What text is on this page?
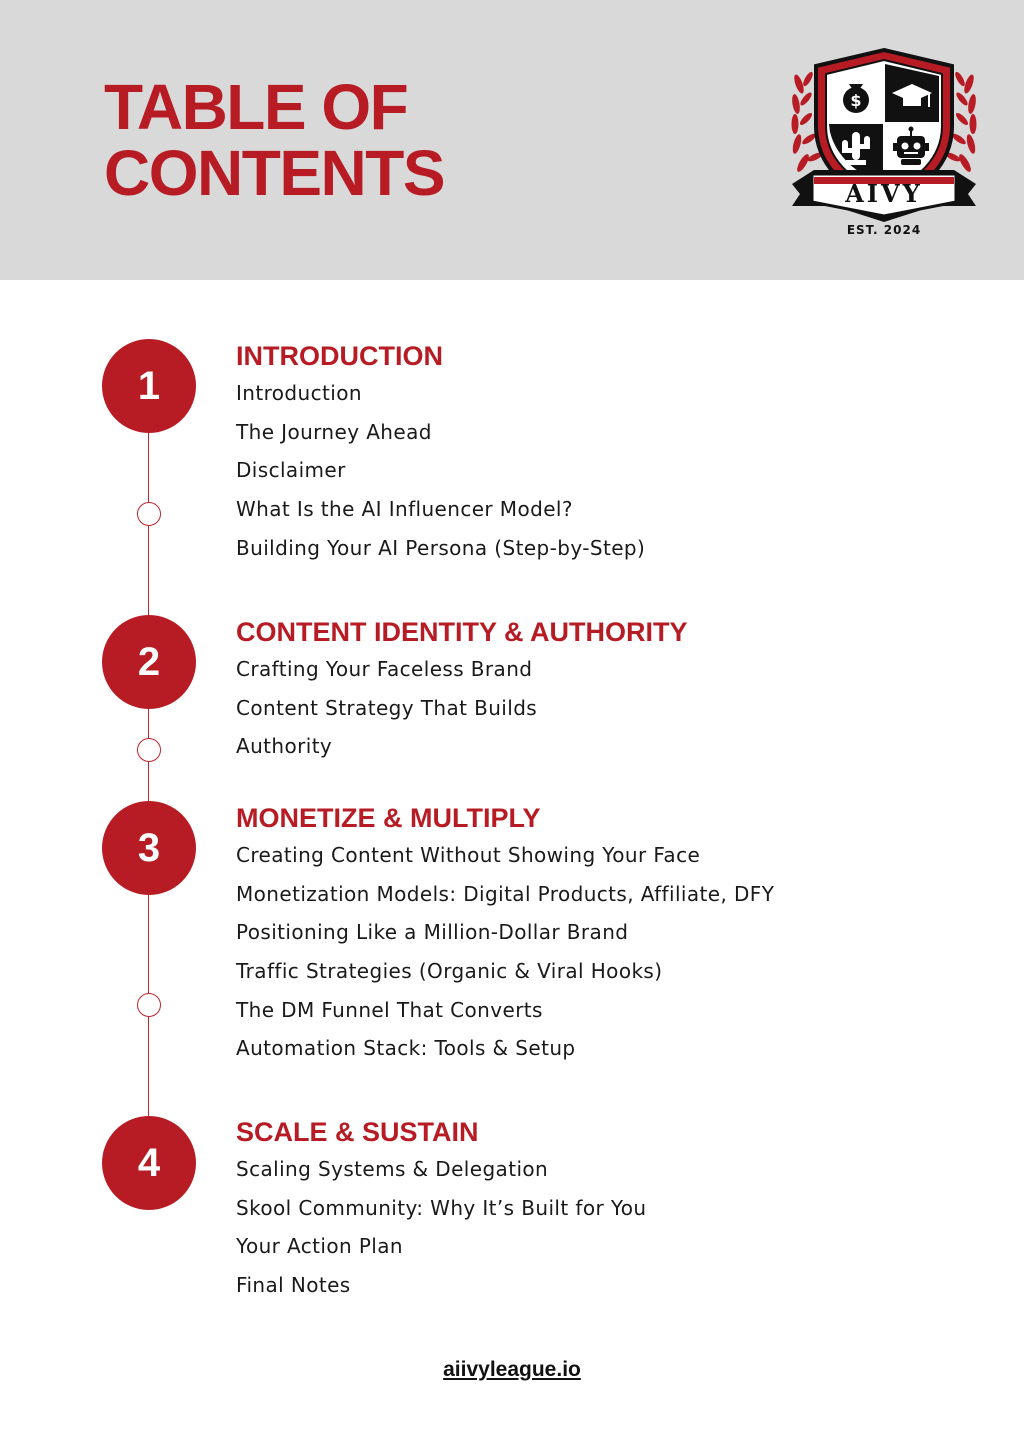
TABLE OF
CONTENTS
$
AIVY
EST. 2024
1
2
3
4
INTRODUCTION
Introduction
The Journey Ahead
Disclaimer
What Is the AI Influencer Model?
Building Your AI Persona (Step-by-Step)
CONTENT IDENTITY & AUTHORITY
Crafting Your Faceless Brand
Content Strategy That Builds
Authority
MONETIZE & MULTIPLY
Creating Content Without Showing Your Face
Monetization Models: Digital Products, Affiliate, DFY
Positioning Like a Million-Dollar Brand
Traffic Strategies (Organic & Viral Hooks)
The DM Funnel That Converts
Automation Stack: Tools & Setup
SCALE & SUSTAIN
Scaling Systems & Delegation
Skool Community: Why It’s Built for You
Your Action Plan
Final Notes
aiivyleague.io
